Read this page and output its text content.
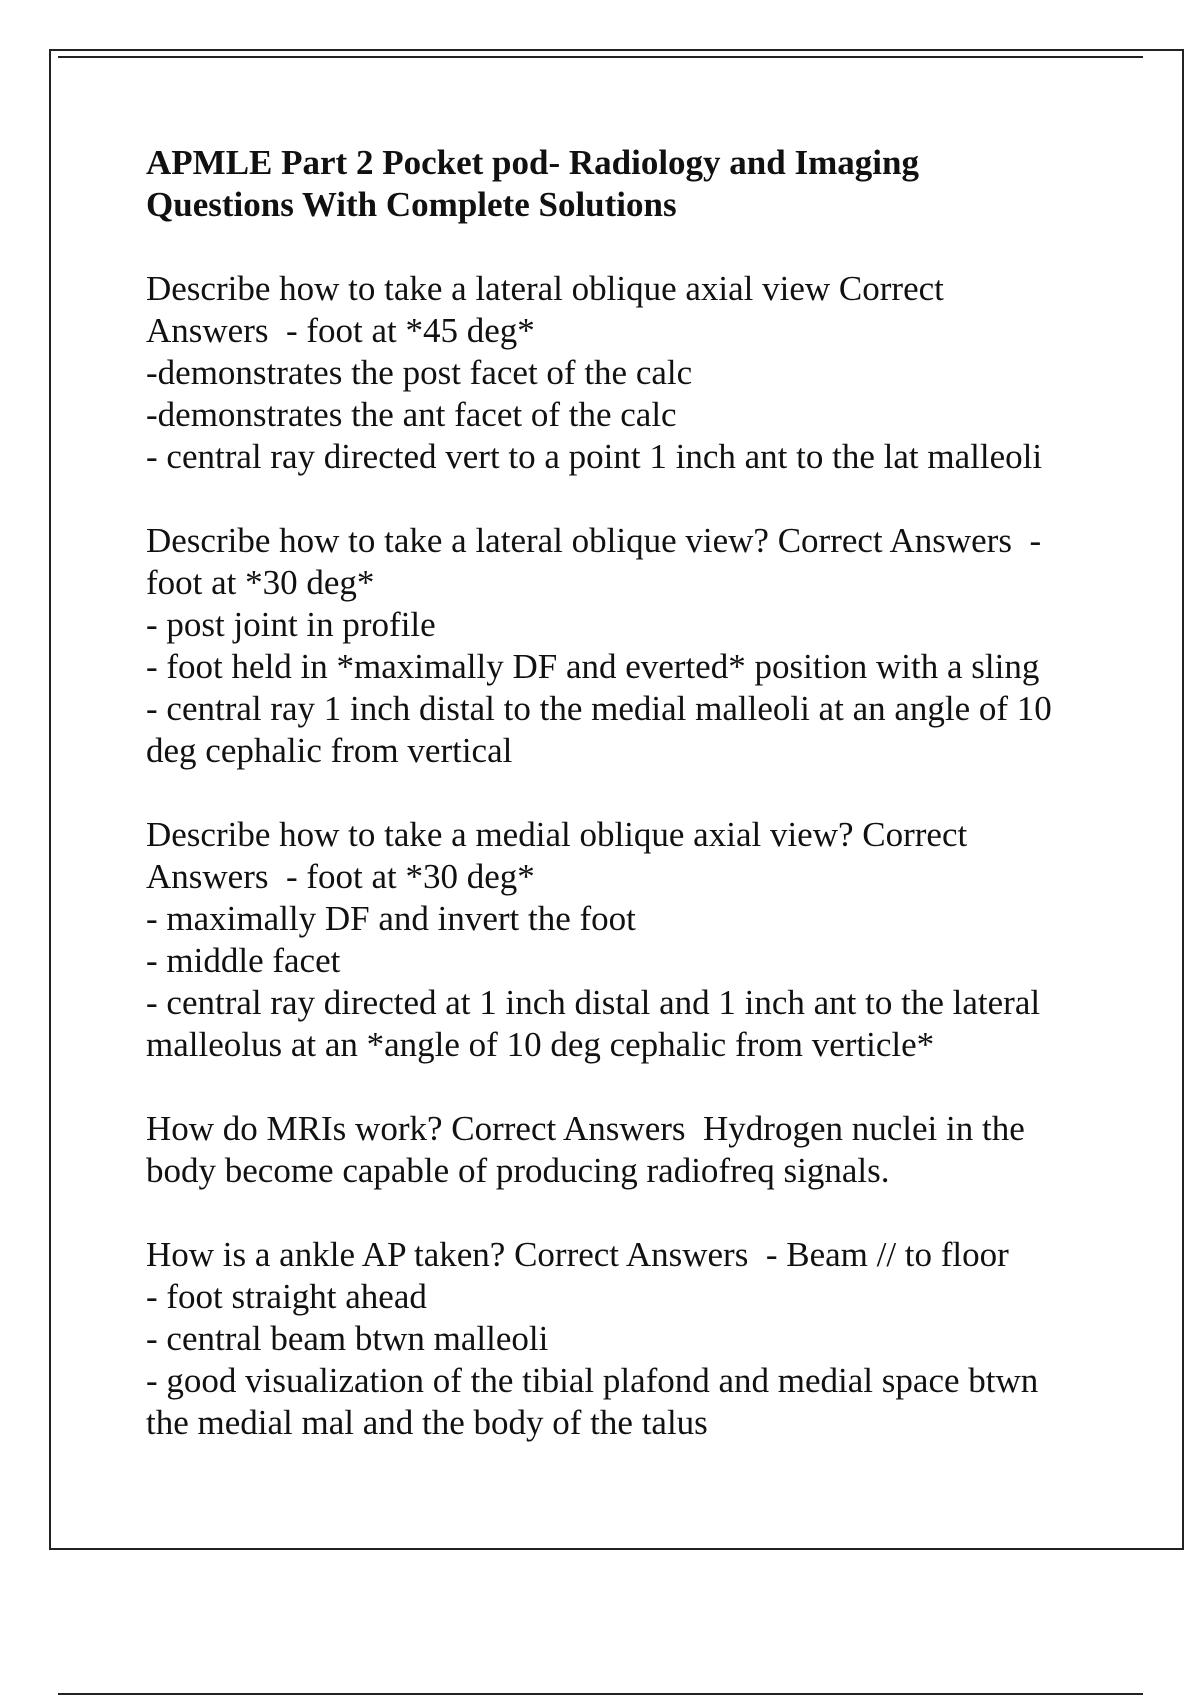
APMLE Part 2 Pocket pod- Radiology and Imaging
Questions With Complete Solutions

Describe how to take a lateral oblique axial view Correct

Answers  - foot at *45 deg*

-demonstrates the post facet of the calc

-demonstrates the ant facet of the calc

- central ray directed vert to a point 1 inch ant to the lat malleoli

Describe how to take a lateral oblique view? Correct Answers  -

foot at *30 deg*

- post joint in profile

- foot held in *maximally DF and everted* position with a sling

- central ray 1 inch distal to the medial malleoli at an angle of 10

deg cephalic from vertical

Describe how to take a medial oblique axial view? Correct

Answers  - foot at *30 deg*

- maximally DF and invert the foot

- middle facet

- central ray directed at 1 inch distal and 1 inch ant to the lateral

malleolus at an *angle of 10 deg cephalic from verticle*

How do MRIs work? Correct Answers  Hydrogen nuclei in the

body become capable of producing radiofreq signals.

How is a ankle AP taken? Correct Answers  - Beam // to floor

- foot straight ahead

- central beam btwn malleoli

- good visualization of the tibial plafond and medial space btwn

the medial mal and the body of the talus
